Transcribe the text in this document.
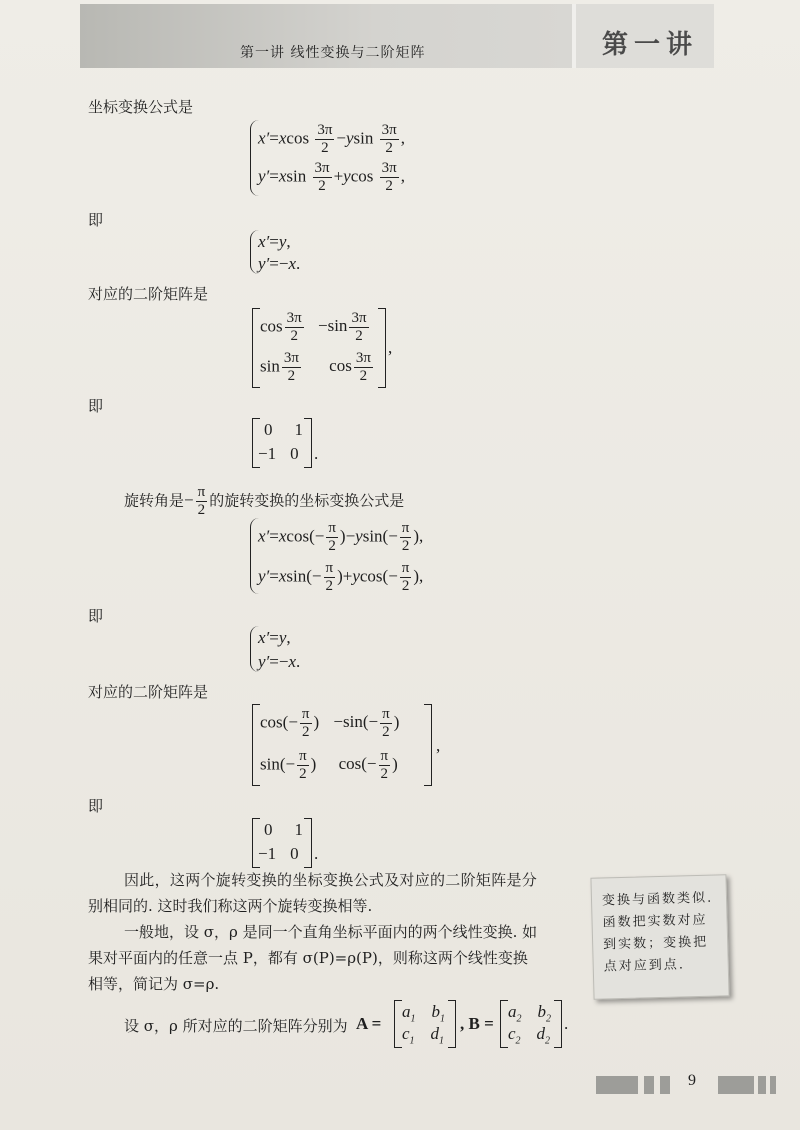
第一讲 线性变换与二阶矩阵	第一讲
坐标变换公式是
$x'=xcos \frac{3\pi}{2} -ysin \frac{3\pi}{2}$ ,
$y'=xsin \frac{3\pi}{2} +ycos \frac{3\pi}{2}$ ,
即
x′=y,
y′=−x.
对应的二阶矩阵是
$\cos \frac{3\pi}{2} -\sin \frac{3\pi}{2}$
$\sin \frac{3\pi}{2}$ $\cos \frac{3\pi}{2}$
,
即
0 1
−1 0 .
旋转角是− $\frac{\pi}{2}$ 的旋转变换的坐标变换公式是
$x'=xcos(- \frac{\pi}{2} )-ysin(- \frac{\pi}{2}$ ),
$y'=xsin(- \frac{\pi}{2} )+ycos(- \frac{\pi}{2}$ ),
即
x′=y,
y′=−x.
对应的二阶矩阵是
$\cos(- \frac{\pi}{2}$ ) $-\sin(- \frac{\pi}{2}$ )
$\sin(- \frac{\pi}{2}$ ) $\cos(- \frac{\pi}{2}$ )
,
即
0 1
−1 0 .
因此，这两个旋转变换的坐标变换公式及对应的二阶矩阵是分
别相同的. 这时我们称这两个旋转变换相等.
一般地，设 σ，ρ 是同一个直角坐标平面内的两个线性变换. 如
果对平面内的任意一点 P，都有 σ(P)=ρ(P)，则称这两个线性变换
相等，简记为 σ=ρ.
设 σ，ρ 所对应的二阶矩阵分别为 A =
$a_1$ $b_1$
$c_1$ $d_1$
, B =
$a_2$ $b_2$
$c_2$ $d_2$
.
变换与函数类似. 函数把实数对应到实数；变换把点对应到点.
9
